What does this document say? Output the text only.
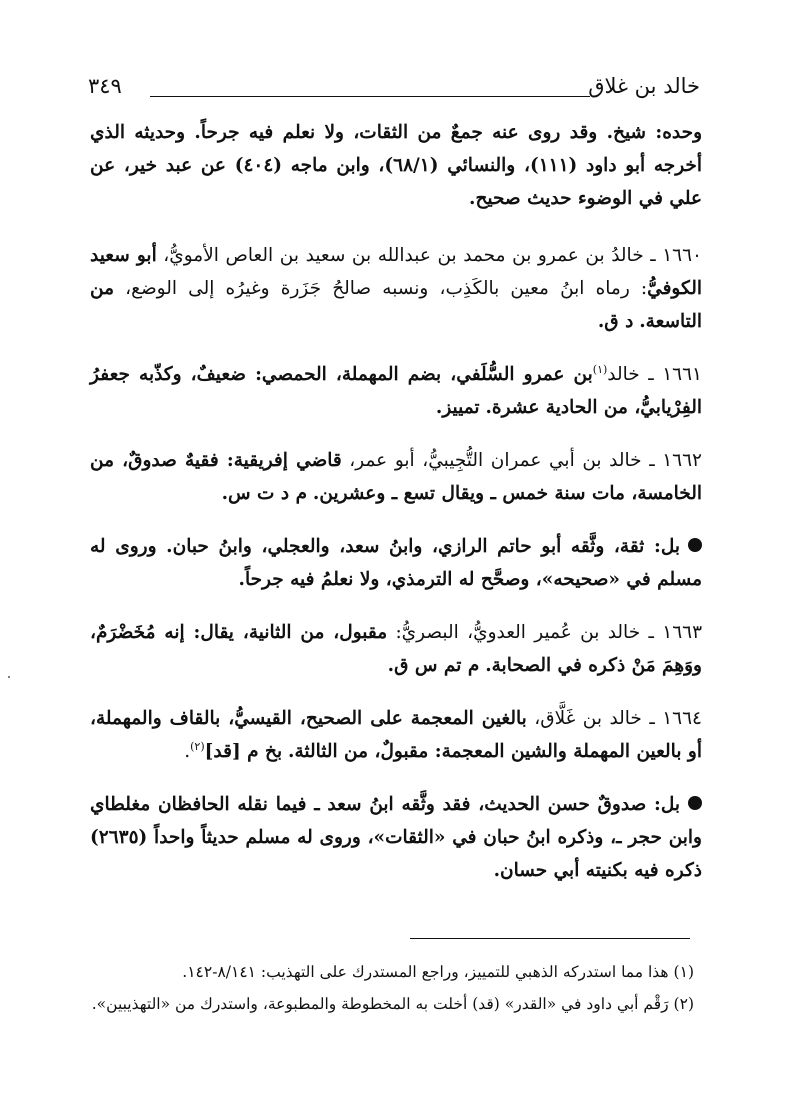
خالد بن غلاق
٣٤٩

وحده: شيخ. وقد روى عنه جمعٌ من الثقات، ولا نعلم فيه جرحاً. وحديثه الذي أخرجه أبو داود (١١١)، والنسائي (٦٨/١)، وابن ماجه (٤٠٤) عن عبد خير، عن علي في الوضوء حديث صحيح.

١٦٦٠ ـ خالدُ بن عمرو بن محمد بن عبدالله بن سعيد بن العاص الأمويُّ، أبو سعيد الكوفيُّ: رماه ابنُ معين بالكَذِب، ونسبه صالحُ جَزَرة وغيرُه إلى الوضع، من التاسعة. د ق.

١٦٦١ ـ خالد$^{(١)}$بن عمرو السُّلَفي، بضم المهملة، الحمصي: ضعيفٌ، وكذّبه جعفرُ الفِرْيابيُّ، من الحادية عشرة. تمييز.

١٦٦٢ ـ خالد بن أبي عمران التُّجِيبيُّ، أبو عمر، قاضي إفريقية: فقيهٌ صدوقٌ، من الخامسة، مات سنة خمس ـ ويقال تسع ـ وعشرين. م د ت س.

بل: ثقة، وثَّقه أبو حاتم الرازي، وابنُ سعد، والعجلي، وابنُ حبان. وروى له مسلم في «صحيحه»، وصحَّح له الترمذي، ولا نعلمُ فيه جرحاً.

١٦٦٣ ـ خالد بن عُمير العدويُّ، البصريُّ: مقبول، من الثانية، يقال: إنه مُخَضْرَمٌ، ووَهِمَ مَنْ ذكره في الصحابة. م تم س ق.

١٦٦٤ ـ خالد بن غَلَّاق، بالغين المعجمة على الصحيح، القيسيُّ، بالقاف والمهملة، أو بالعين المهملة والشين المعجمة: مقبولٌ، من الثالثة. بخ م [قد]$^{(٢)}$.

بل: صدوقٌ حسن الحديث، فقد وثَّقه ابنُ سعد ـ فيما نقله الحافظان مغلطاي وابن حجر ـ، وذكره ابنُ حبان في «الثقات»، وروى له مسلم حديثاً واحداً (٢٦٣٥) ذكره فيه بكنيته أبي حسان.

(١) هذا مما استدركه الذهبي للتمييز، وراجع المستدرك على التهذيب: ٨/١٤١-١٤٢.

(٢) رَقْم أبي داود في «القدر» (قد) أخلت به المخطوطة والمطبوعة، واستدرك من «التهذيبين».
